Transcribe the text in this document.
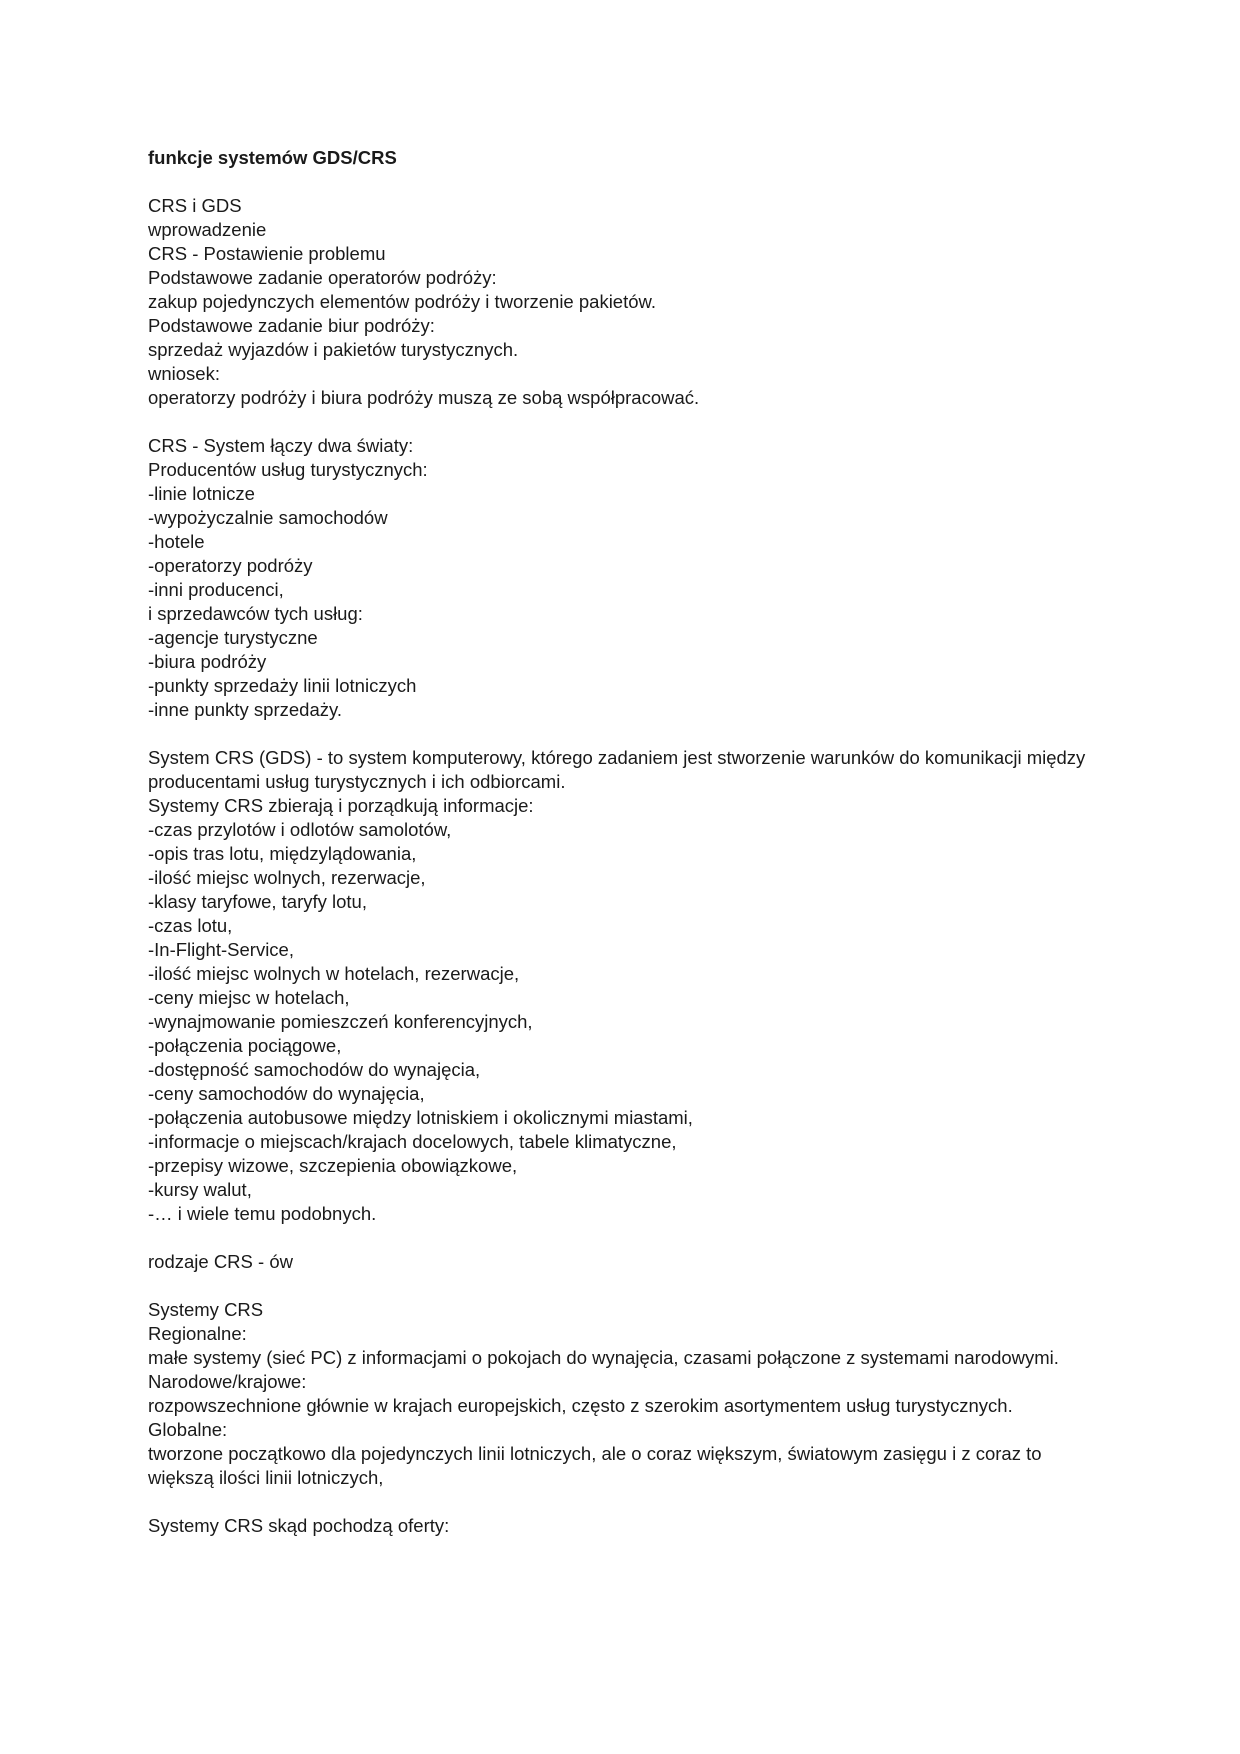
funkcje systemów GDS/CRS
CRS i GDS
wprowadzenie
CRS - Postawienie problemu
Podstawowe zadanie operatorów podróży:
zakup pojedynczych elementów podróży i tworzenie pakietów.
Podstawowe zadanie biur podróży:
sprzedaż wyjazdów i pakietów turystycznych.
wniosek:
operatorzy podróży i biura podróży muszą ze sobą współpracować.
CRS - System łączy dwa światy:
Producentów usług turystycznych:
-linie lotnicze
-wypożyczalnie samochodów
-hotele
-operatorzy podróży
-inni producenci,
i sprzedawców tych usług:
-agencje turystyczne
-biura podróży
-punkty sprzedaży linii lotniczych
-inne punkty sprzedaży.
System CRS (GDS) - to system komputerowy, którego zadaniem jest stworzenie warunków do komunikacji między producentami usług turystycznych i ich odbiorcami.
Systemy CRS zbierają i porządkują informacje:
-czas przylotów i odlotów samolotów,
-opis tras lotu, międzylądowania,
-ilość miejsc wolnych, rezerwacje,
-klasy taryfowe, taryfy lotu,
-czas lotu,
-In-Flight-Service,
-ilość miejsc wolnych w hotelach, rezerwacje,
-ceny miejsc w hotelach,
-wynajmowanie pomieszczeń konferencyjnych,
-połączenia pociągowe,
-dostępność samochodów do wynajęcia,
-ceny samochodów do wynajęcia,
-połączenia autobusowe między lotniskiem i okolicznymi miastami,
-informacje o miejscach/krajach docelowych, tabele klimatyczne,
-przepisy wizowe, szczepienia obowiązkowe,
-kursy walut,
-… i wiele temu podobnych.
rodzaje CRS - ów
Systemy CRS
Regionalne:
małe systemy (sieć PC) z informacjami o pokojach do wynajęcia, czasami połączone z systemami narodowymi.
Narodowe/krajowe:
rozpowszechnione głównie w krajach europejskich, często z szerokim asortymentem usług turystycznych.
Globalne:
tworzone początkowo dla pojedynczych linii lotniczych, ale o coraz większym, światowym zasięgu i z coraz to większą ilości linii lotniczych,
Systemy CRS skąd pochodzą oferty:
